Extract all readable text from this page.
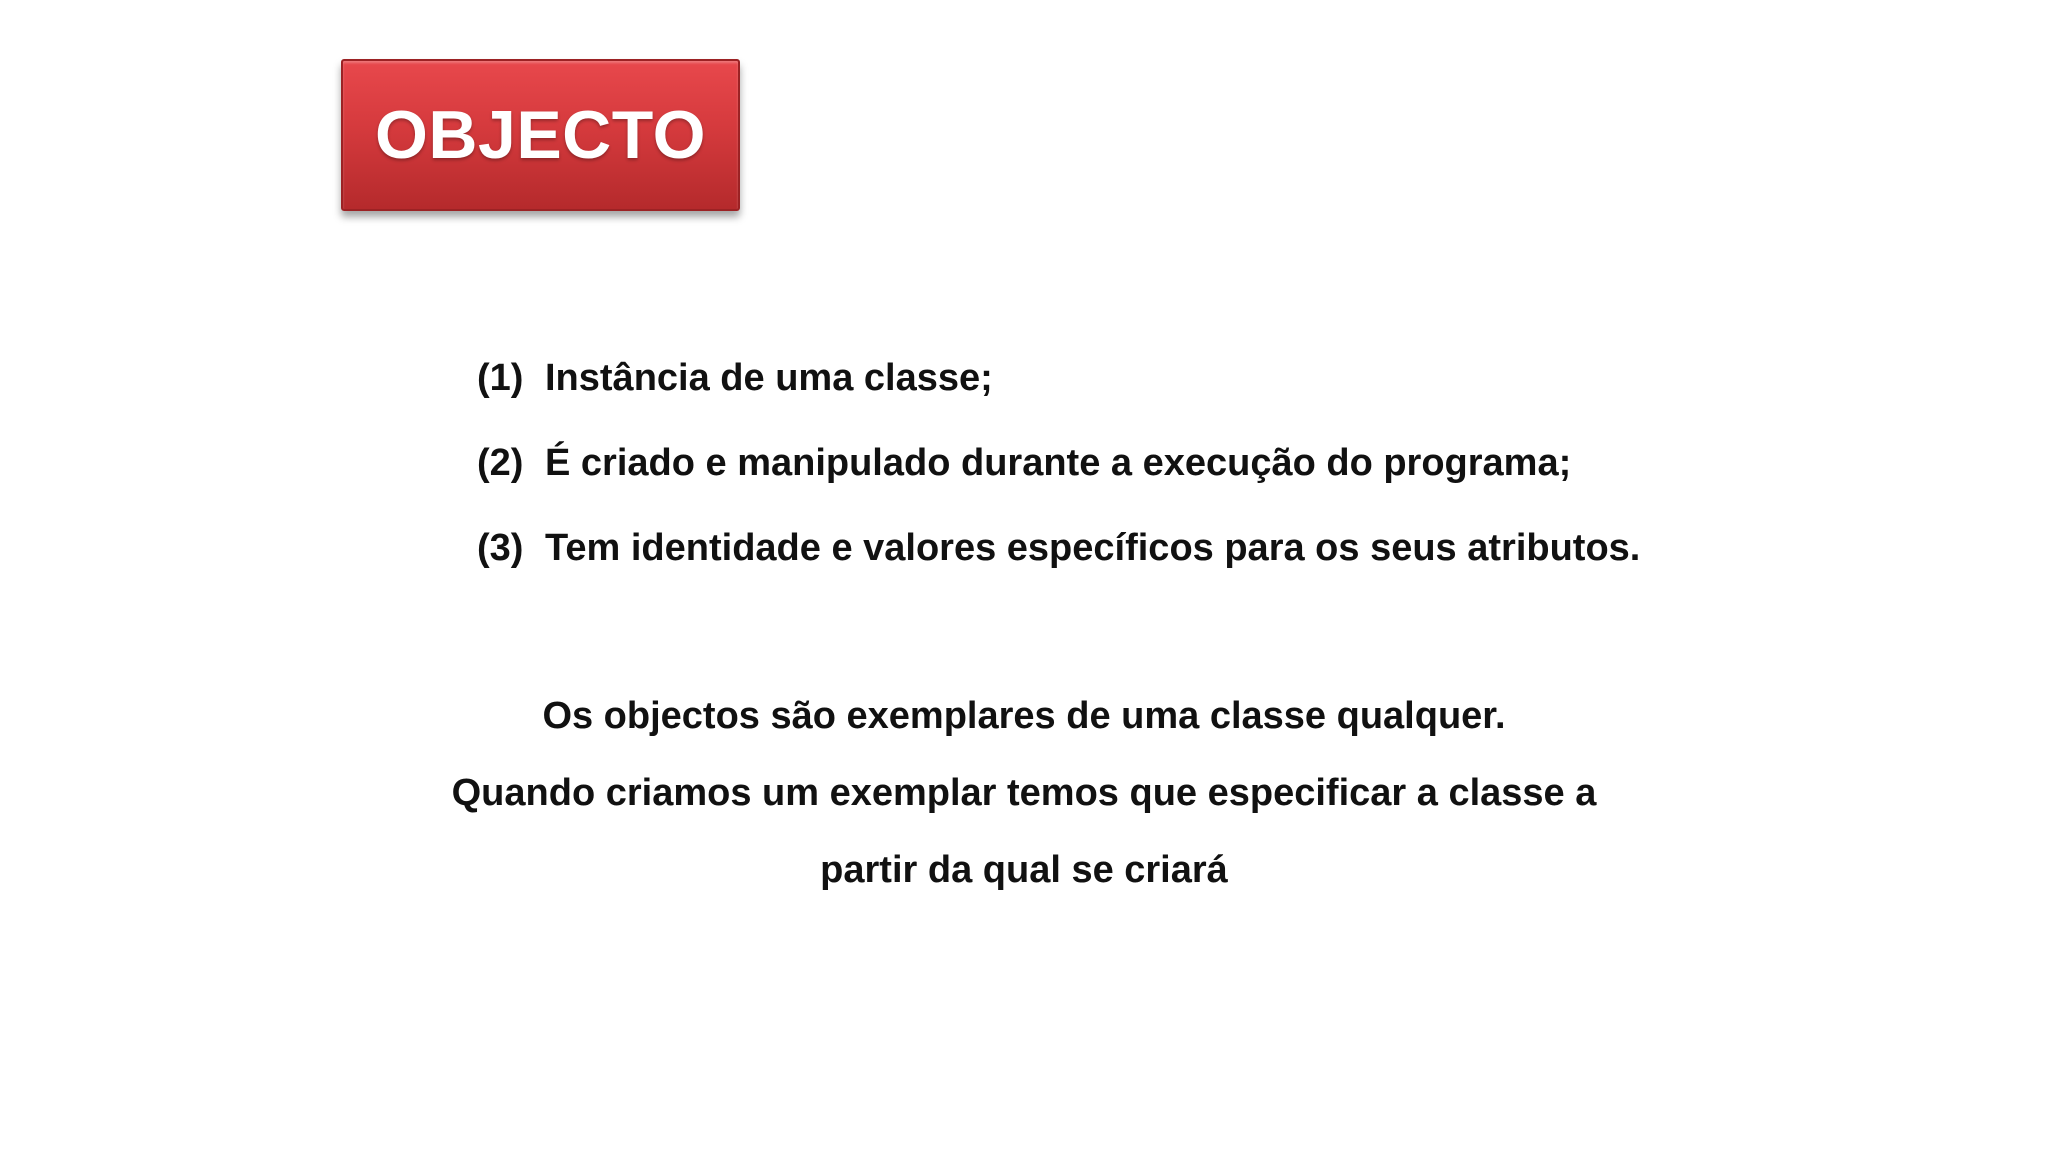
OBJECTO
(1) Instância de uma classe;
(2) É criado e manipulado durante a execução do programa;
(3) Tem identidade e valores específicos para os seus atributos.
Os objectos são exemplares de uma classe qualquer.
Quando criamos um exemplar temos que especificar a classe a
partir da qual se criará
